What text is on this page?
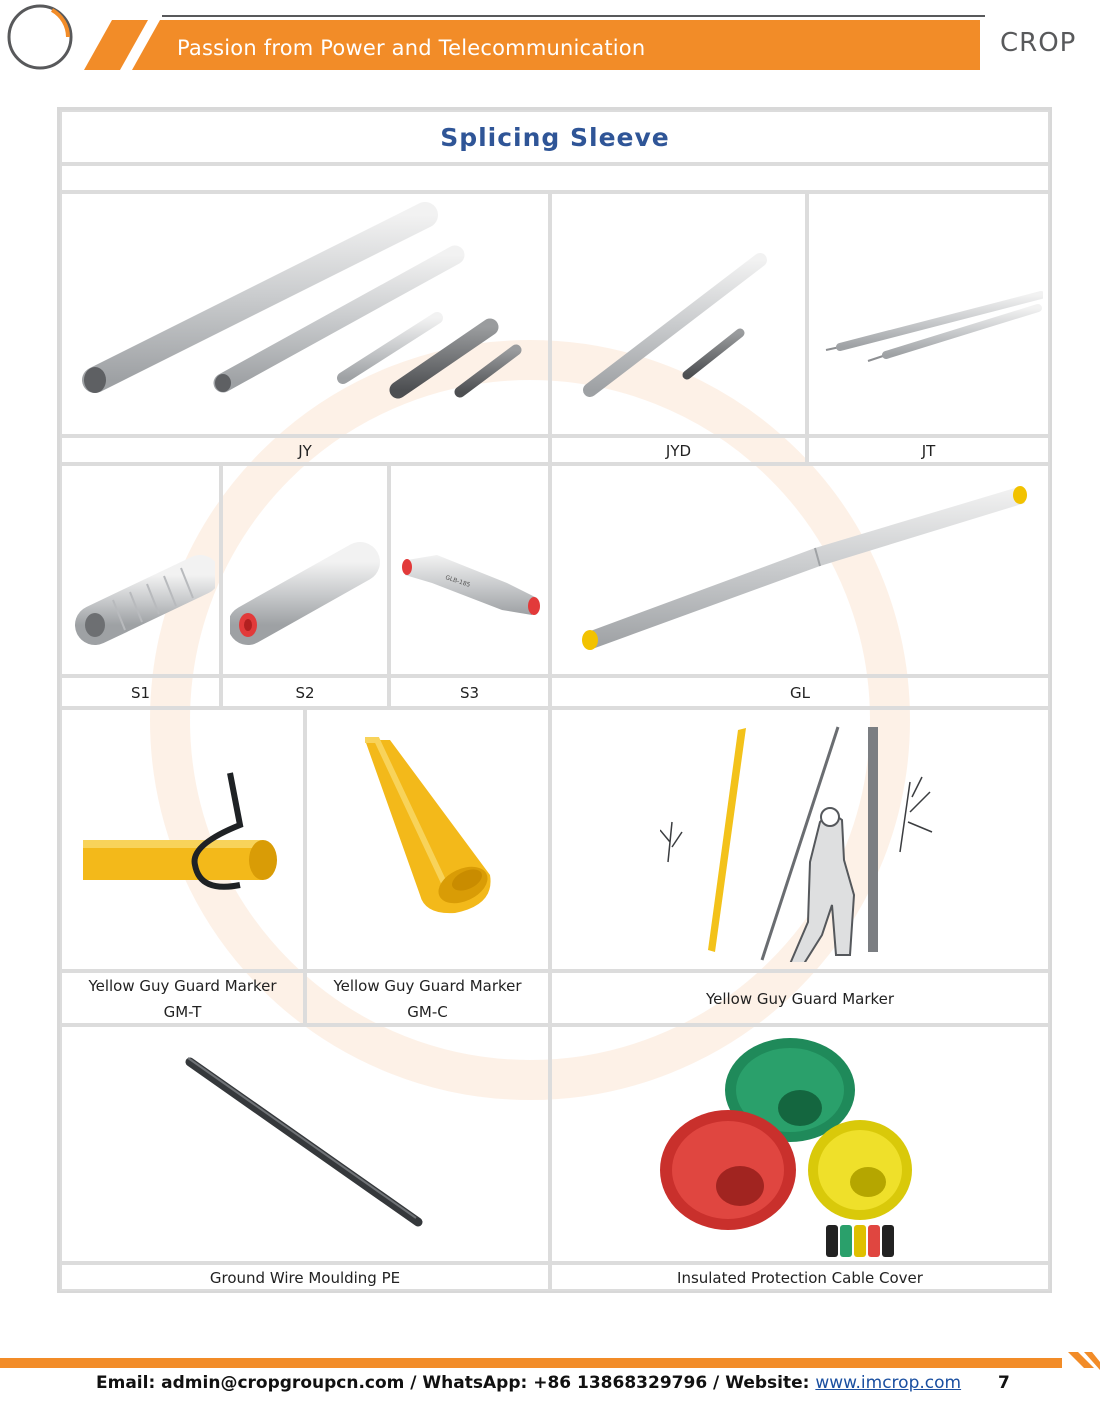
Passion from Power and Telecommunication	CROP
Splicing Sleeve
JY	JYD	JT
GLB-185
S1	S2	S3	GL
Yellow Guy Guard Marker
GM-T
Yellow Guy Guard Marker
GM-C
Yellow Guy Guard Marker
Ground Wire Moulding PE	Insulated Protection Cable Cover
Email: admin@cropgroupcn.com / WhatsApp: +86 13868329796 / Website: www.imcrop.com 7
